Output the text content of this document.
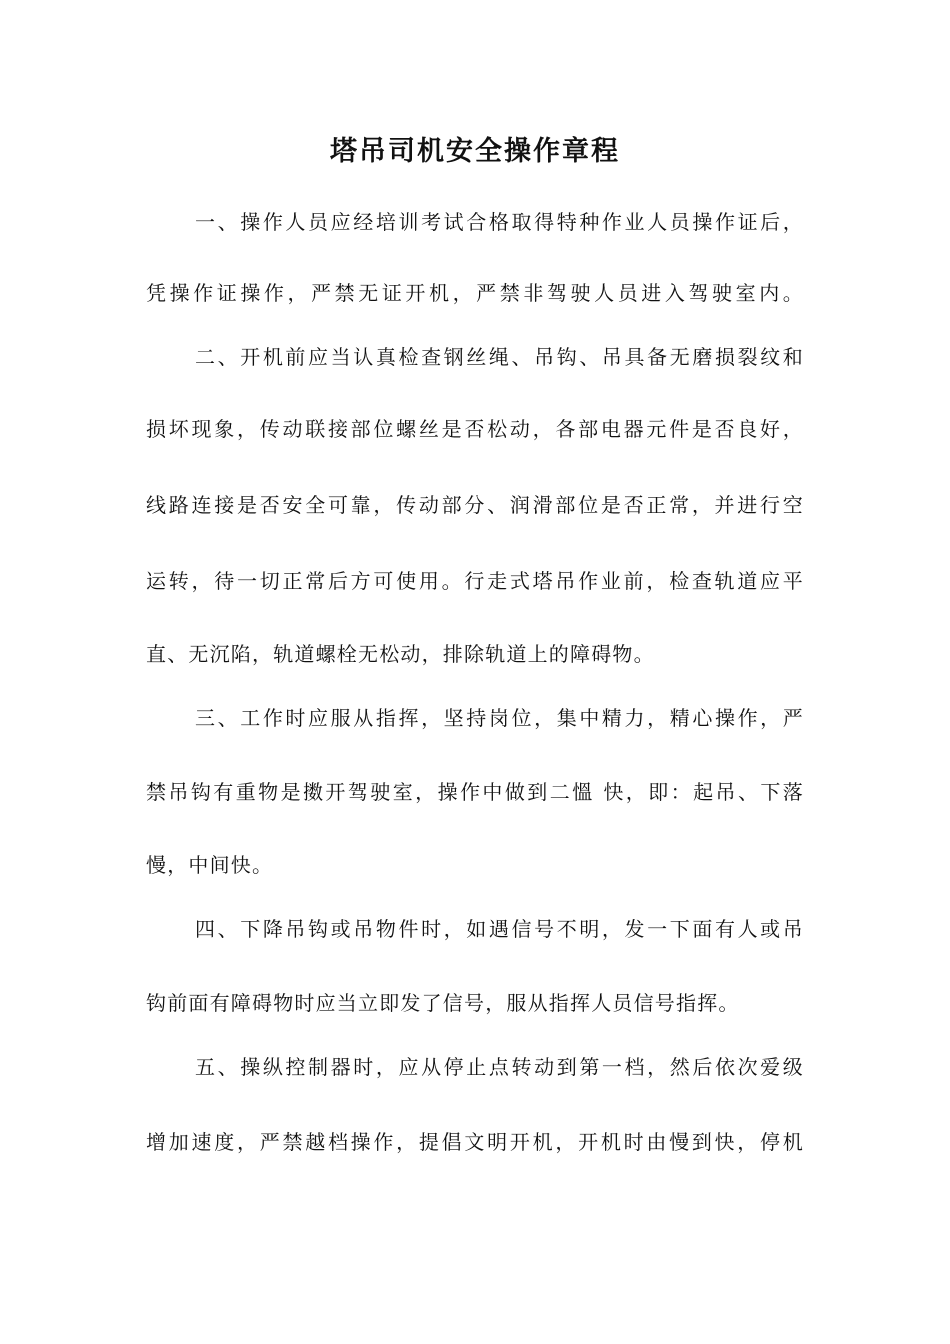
塔吊司机安全操作章程
一、操作人员应经培训考试合格取得特种作业人员操作证后，
凭操作证操作，严禁无证开机，严禁非驾驶人员进入驾驶室内。
二、开机前应当认真检查钢丝绳、吊钩、吊具备无磨损裂纹和
损坏现象，传动联接部位螺丝是否松动，各部电器元件是否良好，
线路连接是否安全可靠，传动部分、润滑部位是否正常，并进行空
运转，待一切正常后方可使用。行走式塔吊作业前，检查轨道应平
直、无沉陷，轨道螺栓无松动，排除轨道上的障碍物。
三、工作时应服从指挥，坚持岗位，集中精力，精心操作，严
禁吊钩有重物是擞开驾驶室，操作中做到二慍 快，即：起吊、下落
慢，中间快。
四、下降吊钩或吊物件时，如遇信号不明，发一下面有人或吊
钩前面有障碍物时应当立即发了信号，服从指挥人员信号指挥。
五、操纵控制器时，应从停止点转动到第一档，然后依次爱级
增加速度，严禁越档操作，提倡文明开机，开机时由慢到快，停机
